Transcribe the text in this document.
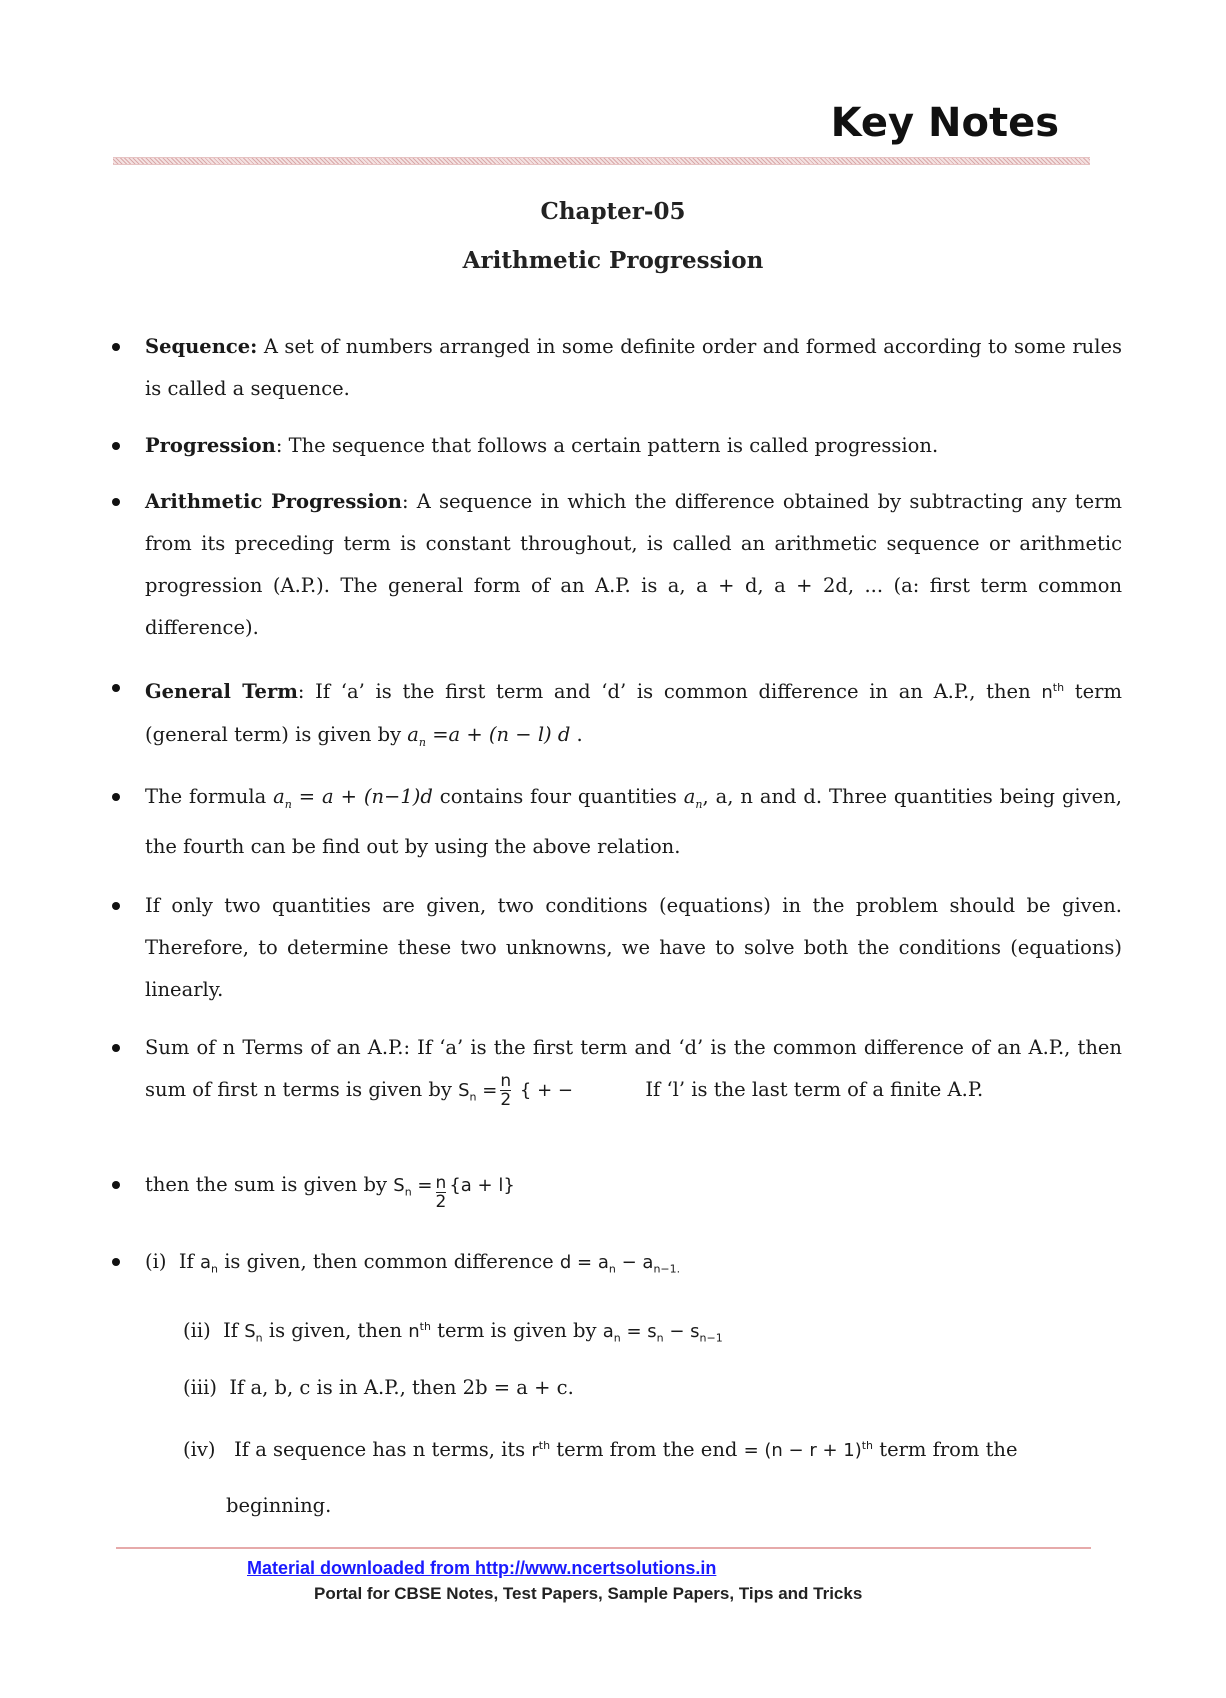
Key Notes
Chapter-05
Arithmetic Progression
Sequence: A set of numbers arranged in some definite order and formed according to some rules is called a sequence.
Progression: The sequence that follows a certain pattern is called progression.
Arithmetic Progression: A sequence in which the difference obtained by subtracting any term from its preceding term is constant throughout, is called an arithmetic sequence or arithmetic progression (A.P.). The general form of an A.P. is a, a + d, a + 2d, ... (a: first term common difference).
General Term: If ‘a’ is the first term and ‘d’ is common difference in an A.P., then $n^{th}$ term (general term) is given by $a_n =a + (n - l)$ d .
The formula $a_n = a + (n-1)d$ contains four quantities $a_n$, a, n and d. Three quantities being given, the fourth can be find out by using the above relation.
If only two quantities are given, two conditions (equations) in the problem should be given. Therefore, to determine these two unknowns, we have to solve both the conditions (equations) linearly.
Sum of n Terms of an A.P.: If ‘a’ is the first term and ‘d’ is the common difference of an A.P., then sum of first n terms is given by $S_n = \frac{n}{2}$ { + −	If ‘l’ is the last term of a finite A.P.
then the sum is given by $S_n = \frac{n}{2} \{a + l\}$
(i) If $a_n$ is given, then common difference $d = a_n - a_{n-1.}$
(ii) If $S_n$ is given, then $n^{th}$ term is given by $a_n = s_n - s_{n-1}$
(iii) If a, b, c is in A.P., then 2b = a + c.
(iv) If a sequence has n terms, its $r^{th}$ term from the end = $(n - r + 1)^{th}$ term from the
beginning.
Material downloaded from http://www.ncertsolutions.in
Portal for CBSE Notes, Test Papers, Sample Papers, Tips and Tricks
